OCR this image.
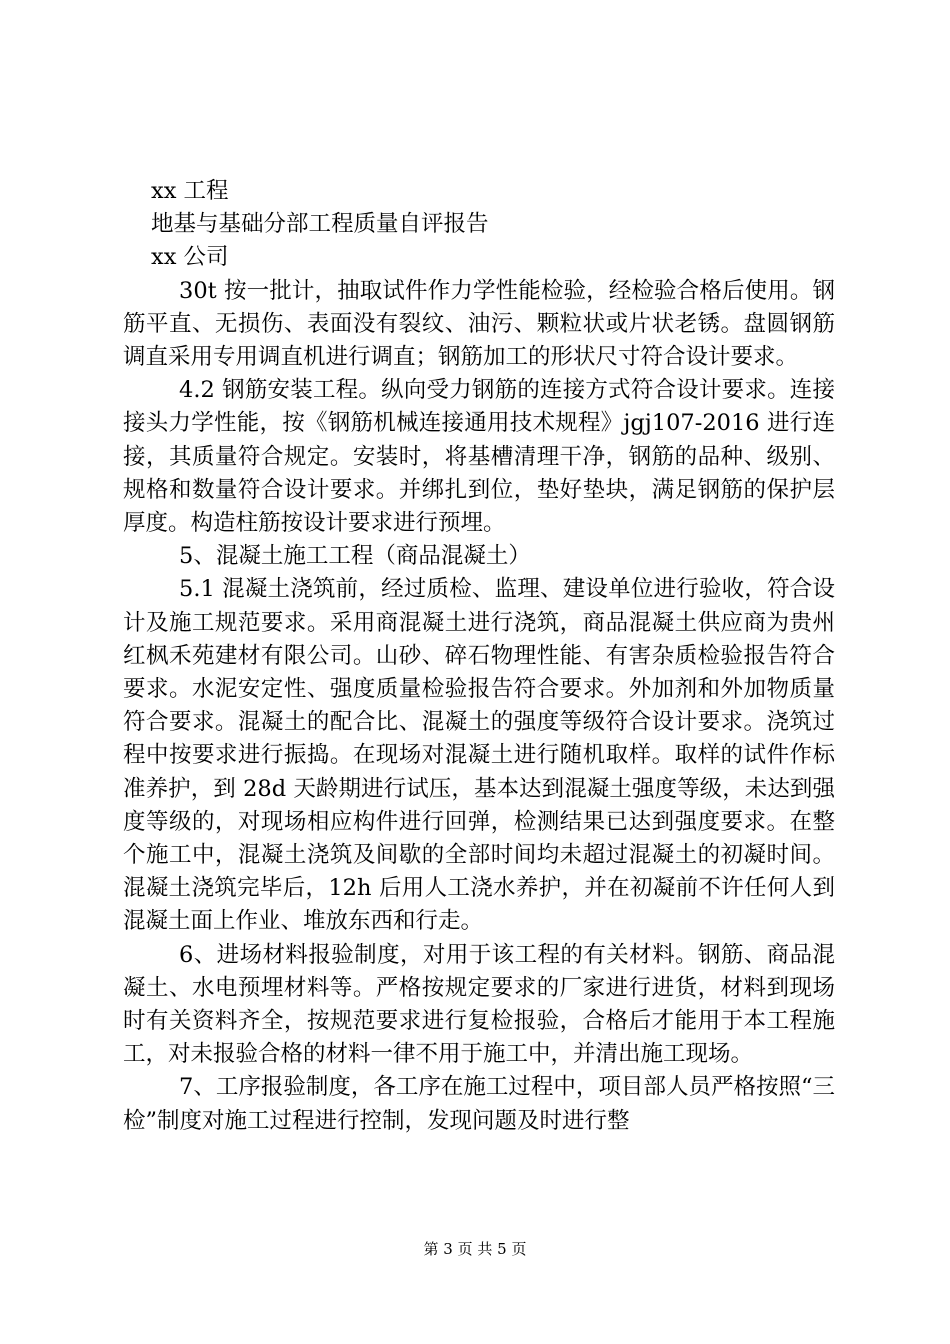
xx 工程
地基与基础分部工程质量自评报告
xx 公司

30t 按一批计，抽取试件作力学性能检验，经检验合格后使用。钢筋平直、无损伤、表面没有裂纹、油污、颗粒状或片状老锈。盘圆钢筋调直采用专用调直机进行调直；钢筋加工的形状尺寸符合设计要求。

4.2 钢筋安装工程。纵向受力钢筋的连接方式符合设计要求。连接接头力学性能，按《钢筋机械连接通用技术规程》jgj107-2016 进行连接，其质量符合规定。安装时，将基槽清理干净，钢筋的品种、级别、规格和数量符合设计要求。并绑扎到位，垫好垫块，满足钢筋的保护层厚度。构造柱筋按设计要求进行预埋。

5、混凝土施工工程（商品混凝土）

5.1 混凝土浇筑前，经过质检、监理、建设单位进行验收，符合设计及施工规范要求。采用商混凝土进行浇筑，商品混凝土供应商为贵州红枫禾苑建材有限公司。山砂、碎石物理性能、有害杂质检验报告符合要求。水泥安定性、强度质量检验报告符合要求。外加剂和外加物质量符合要求。混凝土的配合比、混凝土的强度等级符合设计要求。浇筑过程中按要求进行振捣。在现场对混凝土进行随机取样。取样的试件作标准养护，到 28d 天龄期进行试压，基本达到混凝土强度等级，未达到强度等级的，对现场相应构件进行回弹，检测结果已达到强度要求。在整个施工中，混凝土浇筑及间歇的全部时间均未超过混凝土的初凝时间。混凝土浇筑完毕后，12h 后用人工浇水养护，并在初凝前不许任何人到混凝土面上作业、堆放东西和行走。

6、进场材料报验制度，对用于该工程的有关材料。钢筋、商品混凝土、水电预埋材料等。严格按规定要求的厂家进行进货，材料到现场时有关资料齐全，按规范要求进行复检报验，合格后才能用于本工程施工，对未报验合格的材料一律不用于施工中，并清出施工现场。

7、工序报验制度，各工序在施工过程中，项目部人员严格按照“三检”制度对施工过程进行控制，发现问题及时进行整

第 3 页 共 5 页
